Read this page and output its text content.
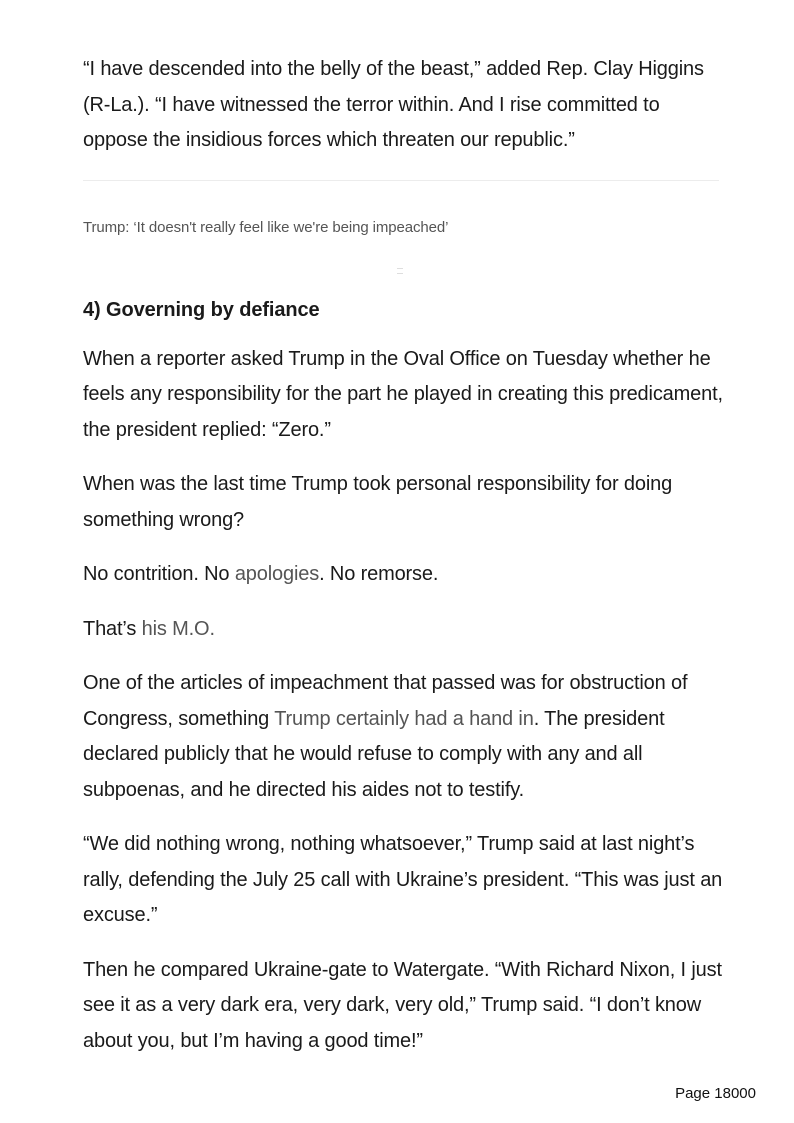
“I have descended into the belly of the beast,” added Rep. Clay Higgins (R-La.). “I have witnessed the terror within. And I rise committed to oppose the insidious forces which threaten our republic.”

Trump: ‘It doesn't really feel like we're being impeached’
4) Governing by defiance

When a reporter asked Trump in the Oval Office on Tuesday whether he feels any responsibility for the part he played in creating this predicament, the president replied: “Zero.”

When was the last time Trump took personal responsibility for doing something wrong?

No contrition. No apologies. No remorse.

That’s his M.O.

One of the articles of impeachment that passed was for obstruction of Congress, something Trump certainly had a hand in. The president declared publicly that he would refuse to comply with any and all subpoenas, and he directed his aides not to testify.

“We did nothing wrong, nothing whatsoever,” Trump said at last night’s rally, defending the July 25 call with Ukraine’s president. “This was just an excuse.”

Then he compared Ukraine-gate to Watergate. “With Richard Nixon, I just see it as a very dark era, very dark, very old,” Trump said. “I don’t know about you, but I’m having a good time!”

Page 18000
